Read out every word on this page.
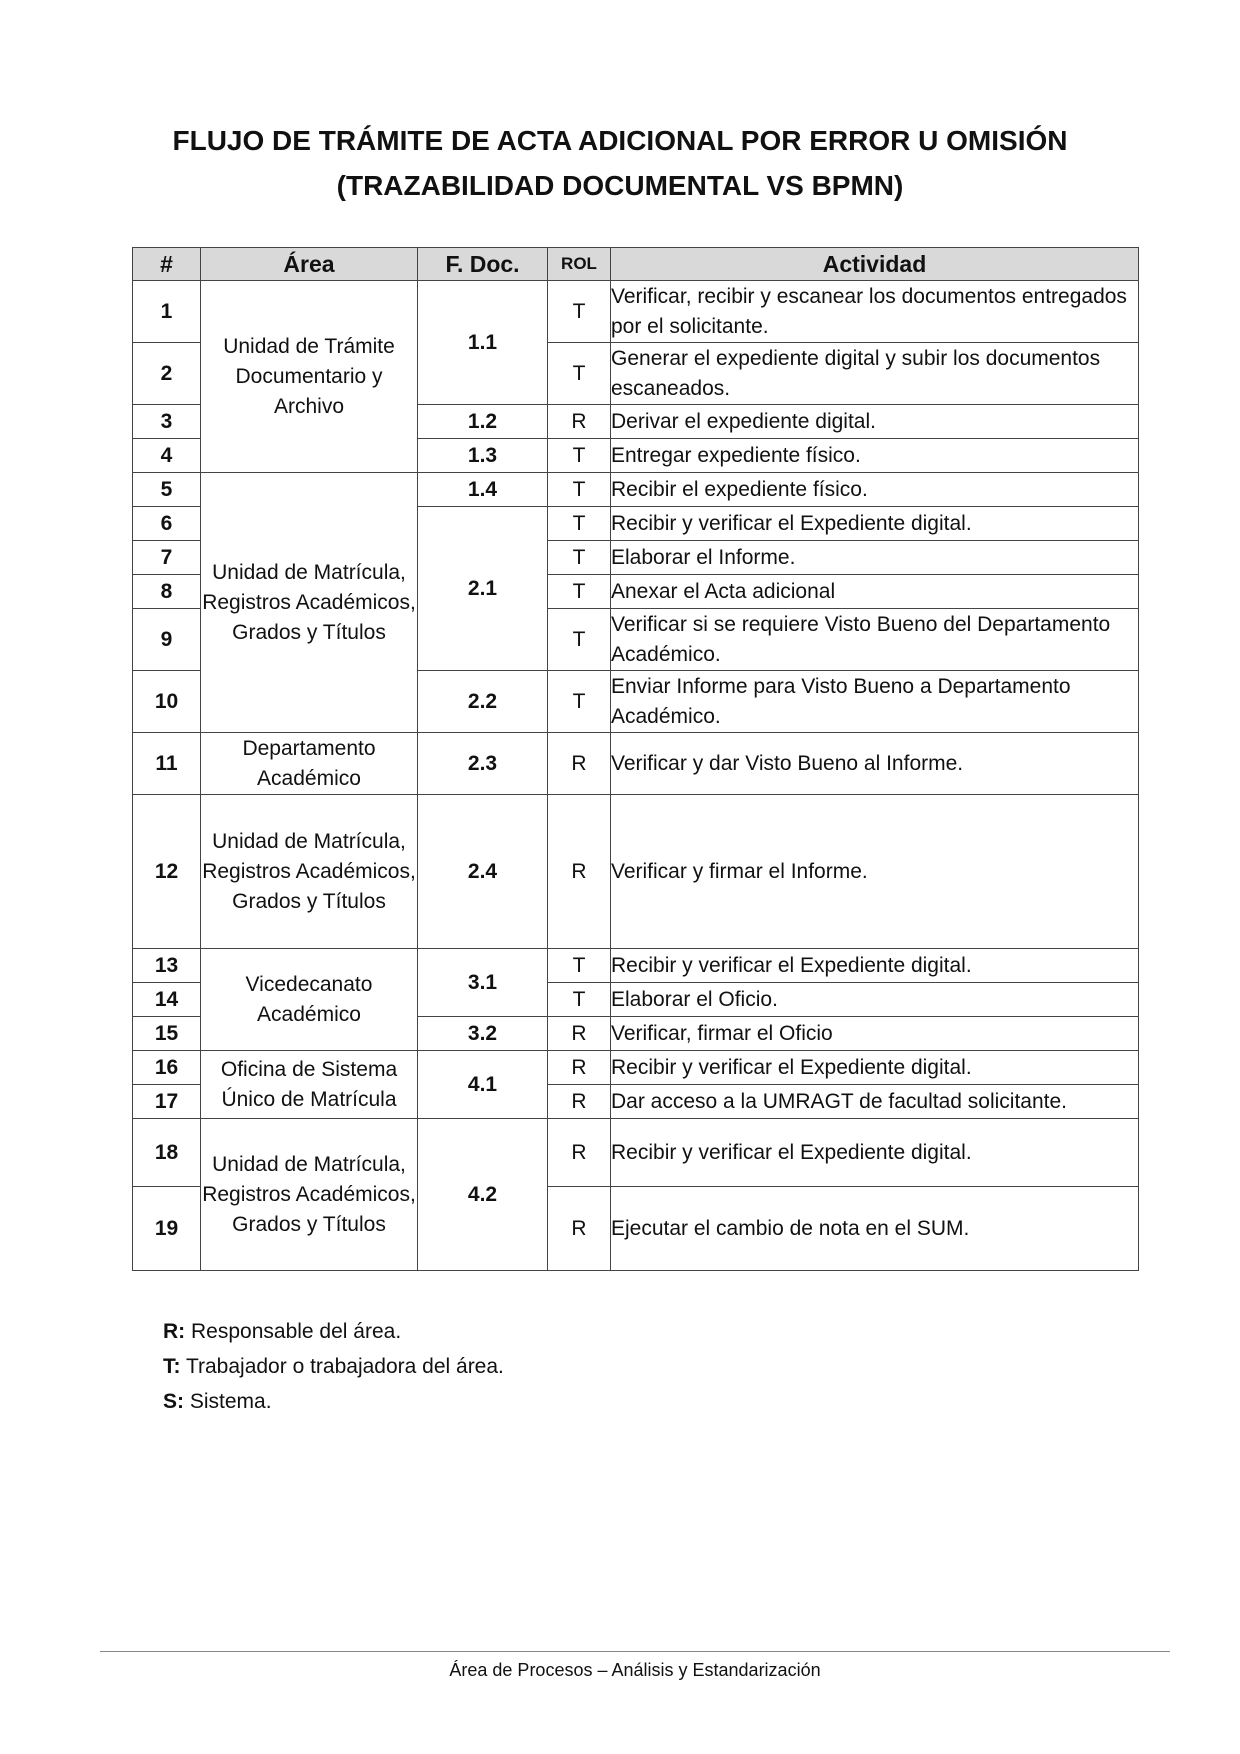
FLUJO DE TRÁMITE DE ACTA ADICIONAL POR ERROR U OMISIÓN
(TRAZABILIDAD DOCUMENTAL VS BPMN)
#	Área	F. Doc.	ROL	Actividad
1	Unidad de Trámite Documentario y Archivo	1.1	T	Verificar, recibir y escanear los documentos entregados por el solicitante.
2			T	Generar el expediente digital y subir los documentos escaneados.
3		1.2	R	Derivar el expediente digital.
4		1.3	T	Entregar expediente físico.
5	Unidad de Matrícula, Registros Académicos, Grados y Títulos	1.4	T	Recibir el expediente físico.
6		2.1	T	Recibir y verificar el Expediente digital.
7			T	Elaborar el Informe.
8			T	Anexar el Acta adicional
9			T	Verificar si se requiere Visto Bueno del Departamento Académico.
10		2.2	T	Enviar Informe para Visto Bueno a Departamento Académico.
11	Departamento Académico	2.3	R	Verificar y dar Visto Bueno al Informe.
12	Unidad de Matrícula, Registros Académicos, Grados y Títulos	2.4	R	Verificar y firmar el Informe.
13	Vicedecanato Académico	3.1	T	Recibir y verificar el Expediente digital.
14			T	Elaborar el Oficio.
15		3.2	R	Verificar, firmar el Oficio
16	Oficina de Sistema Único de Matrícula	4.1	R	Recibir y verificar el Expediente digital.
17			R	Dar acceso a la UMRAGT de facultad solicitante.
18	Unidad de Matrícula, Registros Académicos, Grados y Títulos	4.2	R	Recibir y verificar el Expediente digital.
19			R	Ejecutar el cambio de nota en el SUM.
R: Responsable del área.
T: Trabajador o trabajadora del área.
S: Sistema.
Área de Procesos – Análisis y Estandarización
